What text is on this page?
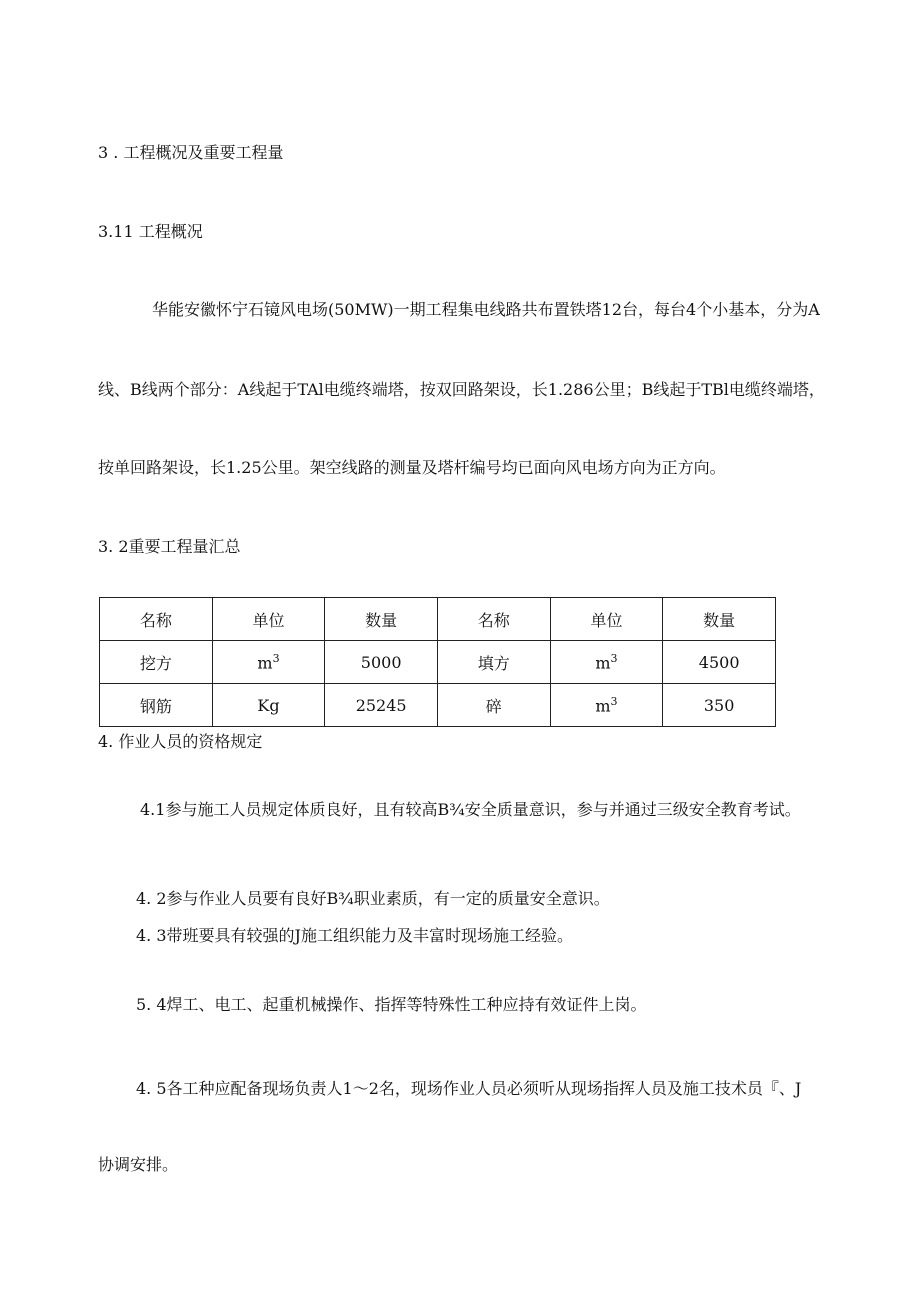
3 . 工程概况及重要工程量
3.11 工程概况
华能安徽怀宁石镜风电场(50MW)一期工程集电线路共布置铁塔12台，每台4个小基本，分为A
线、B线两个部分：A线起于TAl电缆终端塔，按双回路架设，长1.286公里；B线起于TBl电缆终端塔，
按单回路架设，长1.25公里。架空线路的测量及塔杆编号均已面向风电场方向为正方向。
3. 2重要工程量汇总
名称	单位	数量	名称	单位	数量
挖方	$m^3$	5000	填方	$m^3$	4500
钢筋	Kg	25245	碎	$m^3$	350
4. 作业人员的资格规定
4.1参与施工人员规定体质良好，且有较高B¾安全质量意识，参与并通过三级安全教育考试。
4. 2参与作业人员要有良好B¾职业素质，有一定的质量安全意识。
4. 3带班要具有较强的J施工组织能力及丰富时现场施工经验。
5. 4焊工、电工、起重机械操作、指挥等特殊性工种应持有效证件上岗。
4. 5各工种应配备现场负责人1～2名，现场作业人员必须听从现场指挥人员及施工技术员『、J
协调安排。
